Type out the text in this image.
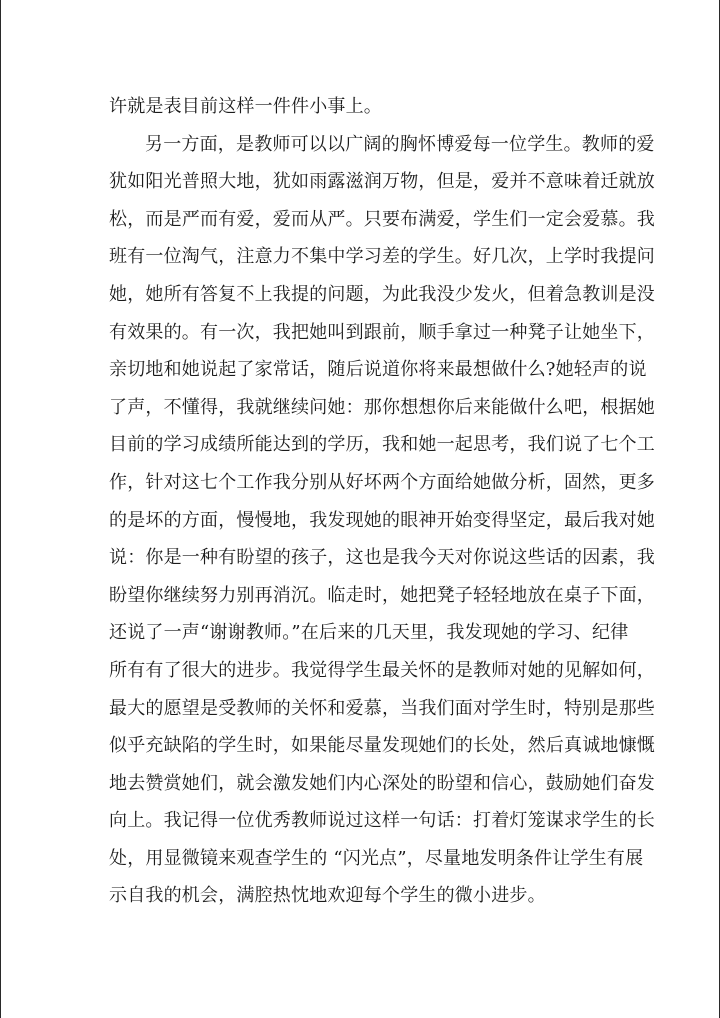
许就是表目前这样一件件小事上。
另一方面，是教师可以以广阔的胸怀博爱每一位学生。教师的爱
犹如阳光普照大地，犹如雨露滋润万物，但是，爱并不意味着迁就放
松，而是严而有爱，爱而从严。只要布满爱，学生们一定会爱慕。我
班有一位淘气，注意力不集中学习差的学生。好几次，上学时我提问
她，她所有答复不上我提的问题，为此我没少发火，但着急教训是没
有效果的。有一次，我把她叫到跟前，顺手拿过一种凳子让她坐下，
亲切地和她说起了家常话，随后说道你将来最想做什么?她轻声的说
了声，不懂得，我就继续问她：那你想想你后来能做什么吧，根据她
目前的学习成绩所能达到的学历，我和她一起思考，我们说了七个工
作，针对这七个工作我分别从好坏两个方面给她做分析，固然，更多
的是坏的方面，慢慢地，我发现她的眼神开始变得坚定，最后我对她
说：你是一种有盼望的孩子，这也是我今天对你说这些话的因素，我
盼望你继续努力别再消沉。临走时，她把凳子轻轻地放在桌子下面，
还说了一声“谢谢教师。”在后来的几天里，我发现她的学习、纪律
所有有了很大的进步。我觉得学生最关怀的是教师对她的见解如何，
最大的愿望是受教师的关怀和爱慕，当我们面对学生时，特别是那些
似乎充缺陷的学生时，如果能尽量发现她们的长处，然后真诚地慷慨
地去赞赏她们，就会激发她们内心深处的盼望和信心，鼓励她们奋发
向上。我记得一位优秀教师说过这样一句话：打着灯笼谋求学生的长
处，用显微镜来观查学生的 “闪光点”，尽量地发明条件让学生有展
示自我的机会，满腔热忱地欢迎每个学生的微小进步。
